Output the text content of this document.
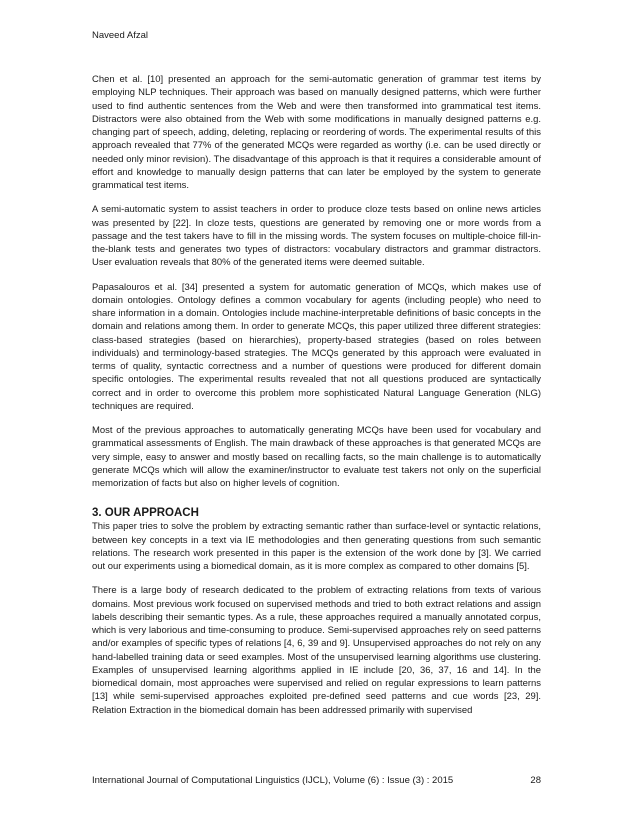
Naveed Afzal

Chen et al. [10] presented an approach for the semi-automatic generation of grammar test items by employing NLP techniques. Their approach was based on manually designed patterns, which were further used to find authentic sentences from the Web and were then transformed into grammatical test items. Distractors were also obtained from the Web with some modifications in manually designed patterns e.g. changing part of speech, adding, deleting, replacing or reordering of words. The experimental results of this approach revealed that 77% of the generated MCQs were regarded as worthy (i.e. can be used directly or needed only minor revision). The disadvantage of this approach is that it requires a considerable amount of effort and knowledge to manually design patterns that can later be employed by the system to generate grammatical test items.

A semi-automatic system to assist teachers in order to produce cloze tests based on online news articles was presented by [22]. In cloze tests, questions are generated by removing one or more words from a passage and the test takers have to fill in the missing words. The system focuses on multiple-choice fill-in-the-blank tests and generates two types of distractors: vocabulary distractors and grammar distractors. User evaluation reveals that 80% of the generated items were deemed suitable.

Papasalouros et al. [34] presented a system for automatic generation of MCQs, which makes use of domain ontologies. Ontology defines a common vocabulary for agents (including people) who need to share information in a domain. Ontologies include machine-interpretable definitions of basic concepts in the domain and relations among them. In order to generate MCQs, this paper utilized three different strategies: class-based strategies (based on hierarchies), property-based strategies (based on roles between individuals) and terminology-based strategies. The MCQs generated by this approach were evaluated in terms of quality, syntactic correctness and a number of questions were produced for different domain specific ontologies. The experimental results revealed that not all questions produced are syntactically correct and in order to overcome this problem more sophisticated Natural Language Generation (NLG) techniques are required.

Most of the previous approaches to automatically generating MCQs have been used for vocabulary and grammatical assessments of English. The main drawback of these approaches is that generated MCQs are very simple, easy to answer and mostly based on recalling facts, so the main challenge is to automatically generate MCQs which will allow the examiner/instructor to evaluate test takers not only on the superficial memorization of facts but also on higher levels of cognition.

3. OUR APPROACH

This paper tries to solve the problem by extracting semantic rather than surface-level or syntactic relations, between key concepts in a text via IE methodologies and then generating questions from such semantic relations. The research work presented in this paper is the extension of the work done by [3]. We carried out our experiments using a biomedical domain, as it is more complex as compared to other domains [5].

There is a large body of research dedicated to the problem of extracting relations from texts of various domains. Most previous work focused on supervised methods and tried to both extract relations and assign labels describing their semantic types. As a rule, these approaches required a manually annotated corpus, which is very laborious and time-consuming to produce. Semi-supervised approaches rely on seed patterns and/or examples of specific types of relations [4, 6, 39 and 9]. Unsupervised approaches do not rely on any hand-labelled training data or seed examples. Most of the unsupervised learning algorithms use clustering. Examples of unsupervised learning algorithms applied in IE include [20, 36, 37, 16 and 14]. In the biomedical domain, most approaches were supervised and relied on regular expressions to learn patterns [13] while semi-supervised approaches exploited pre-defined seed patterns and cue words [23, 29]. Relation Extraction in the biomedical domain has been addressed primarily with supervised

International Journal of Computational Linguistics (IJCL), Volume (6) : Issue (3) : 2015	28
